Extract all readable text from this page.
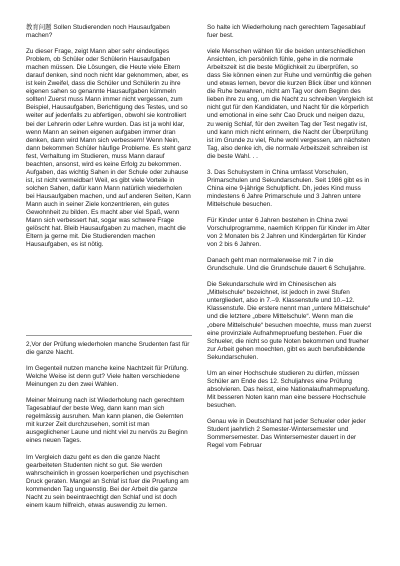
教育问题 Sollen Studierenden noch Hausaufgaben machen?

Zu dieser Frage, zeigt Mann aber sehr eindeutiges Problem, ob Schüler oder Schülerin Hausaufgaben machen müssen. Die Lösungen, die Heute viele Eltern darauf denken, sind noch nicht klar geknommen, aber, es ist kein Zweifel, dass die Schüler und Schülerin zu ihre eigenen sahen so genannte Hausaufgaben kümmeln sollten! Zuerst muss Mann immer nicht vergessen, zum Beispiel, Hausaufgaben, Berichtigung des Testes, und so weiter auf jedenfalls zu abfertigen, obwohl sie kontrolliert bei der Lehrerin oder Lehre wurden. Das ist ja wohl klar, wenn Mann an seinen eigenen aufgaben immer dran denken, dann wird Mann sich verbessern! Wenn Nein, dann bekommen Schüler häufige Probleme. Es steht ganz fest, Verhaltung im Studieren, muss Mann darauf beachten, ansonst, wird es keine Erfolg zu bekommen. Aufgaben, das wichtig Sahen in der Schule oder zuhause ist, ist nicht vermeidbar! Weil, es gibt viele Vorteile in solchen Sahen, dafür kann Mann natürlich wiederholen bei Hausaufgaben machen, und auf anderen Seiten, Kann Mann auch in seiner Ziele konzentrieren, ein gutes Gewohnheit zu bilden. Es macht aber viel Spaß, wenn Mann sich verbessert hat, sogar was schwere Frage gelöscht hat. Bleib Hausaufgaben zu machen, macht die Eltern ja gerne mit. Die Studierenden machen Hausaufgaben, es ist nötig.

2,Vor der Prüfung wiederholen manche Srudenten fast für die ganze Nacht.

Im Gegenteil nutzen manche keine Nachtzeit für Prüfung. Welche Weise ist denn gut? Viele halten verschiedene Meinungen zu den zwei Wahlen.

Meiner Meinung nach ist Wiederholung nach gerechtem Tagesablauf der beste Weg, dann kann man sich regelmässig ausruhen. Man kann planen, die Gelernten mit kurzer Zeit durchzusehen, somit ist man ausgeglichener Laune und nicht viel zu nervös zu Beginn eines neuen Tages.

Im Vergleich dazu geht es den die ganze Nacht gearbeiteten Studenten nicht so gut. Sie werden wahrscheinlich in grossen koerperlichen und psychischen Druck geraten. Mangel an Schlaf ist fuer die Pruefung am kommenden Tag unguenstig. Bei der Arbeit die ganze Nacht zu sein beeintraechtigt den Schlaf und ist doch einem kaum hilfreich, etwas auswendig zu lernen.

So halte ich Wiederholung nach gerechtem Tagesablauf fuer best.

viele Menschen wählen für die beiden unterschiedlichen Ansichten, ich persönlich fühle, gehe in die normale Arbeitszeit ist die beste Möglichkeit zu überprüfen, so dass Sie können einen zur Ruhe und vernünftig die gehen und etwas lernen, bevor die kurzen Blick über und können die Ruhe bewahren, nicht am Tag vor dem Beginn des lieben ihre zu eng, um die Nacht zu schreiben Vergleich ist nicht gut für den Kandidaten, und Nacht für die körperlich und emotional in eine sehr Cao Druck und neigen dazu, zu wenig Schlaf, für den zweiten Tag der Test negativ ist, und kann mich nicht erinnern, die Nacht der Überprüfung ist im Grunde zu viel, Ruhe wohl vergessen, am nächsten Tag, also denke ich, die normale Arbeitszeit schreiben ist die beste Wahl. . .

3. Das Schulsystem in China umfasst Vorschulen, Primarschulen und Sekundarschulen. Seit 1986 gibt es in China eine 9-jährige Schulpflicht. Dh, jedes Kind muss mindestens 6 Jahre Primarschule und 3 Jahren untere Mittelschule besuchen.

Für Kinder unter 6 Jahren bestehen in China zwei Vorschulprogramme, naemlich Krippen für Kinder im Alter von 2 Monaten bis 2 Jahren und Kindergärten für Kinder von 2 bis 6 Jahren.

Danach geht man normalerweise mit 7 in die Grundschule. Und die Grundschule dauert 6 Schuljahre.

Die Sekundarschule wird im Chinesischen als „Mittelschule“ bezeichnet, ist jedoch in zwei Stufen untergliedert, also in 7.–9. Klassenstufe und 10.–12. Klassenstufe. Die erstere nennt man „untere Mittelschule“ und die letztere „obere Mittelschule“. Wenn man die „obere Mittelschule“ besuchen moechte, muss man zuerst eine provinziale Aufnahmepruefung bestehen. Fuer die Schueler, die nicht so gute Noten bekommen und frueher zur Arbeit gehen moechten, gibt es auch berufsbildende Sekundarschulen.

Um an einer Hochschule studieren zu dürfen, müssen Schüler am Ende des 12. Schuljahres eine Prüfung absolvieren. Das heisst, eine Nationalaufnahmepruefung. Mit besseren Noten kann man eine bessere Hochschule besuchen.

Genau wie in Deutschland hat jeder Schueler oder jeder Student jaehrlich 2 Semester-Wintersemester und Sommersemester. Das Wintersemester dauert in der Regel vom Februar
